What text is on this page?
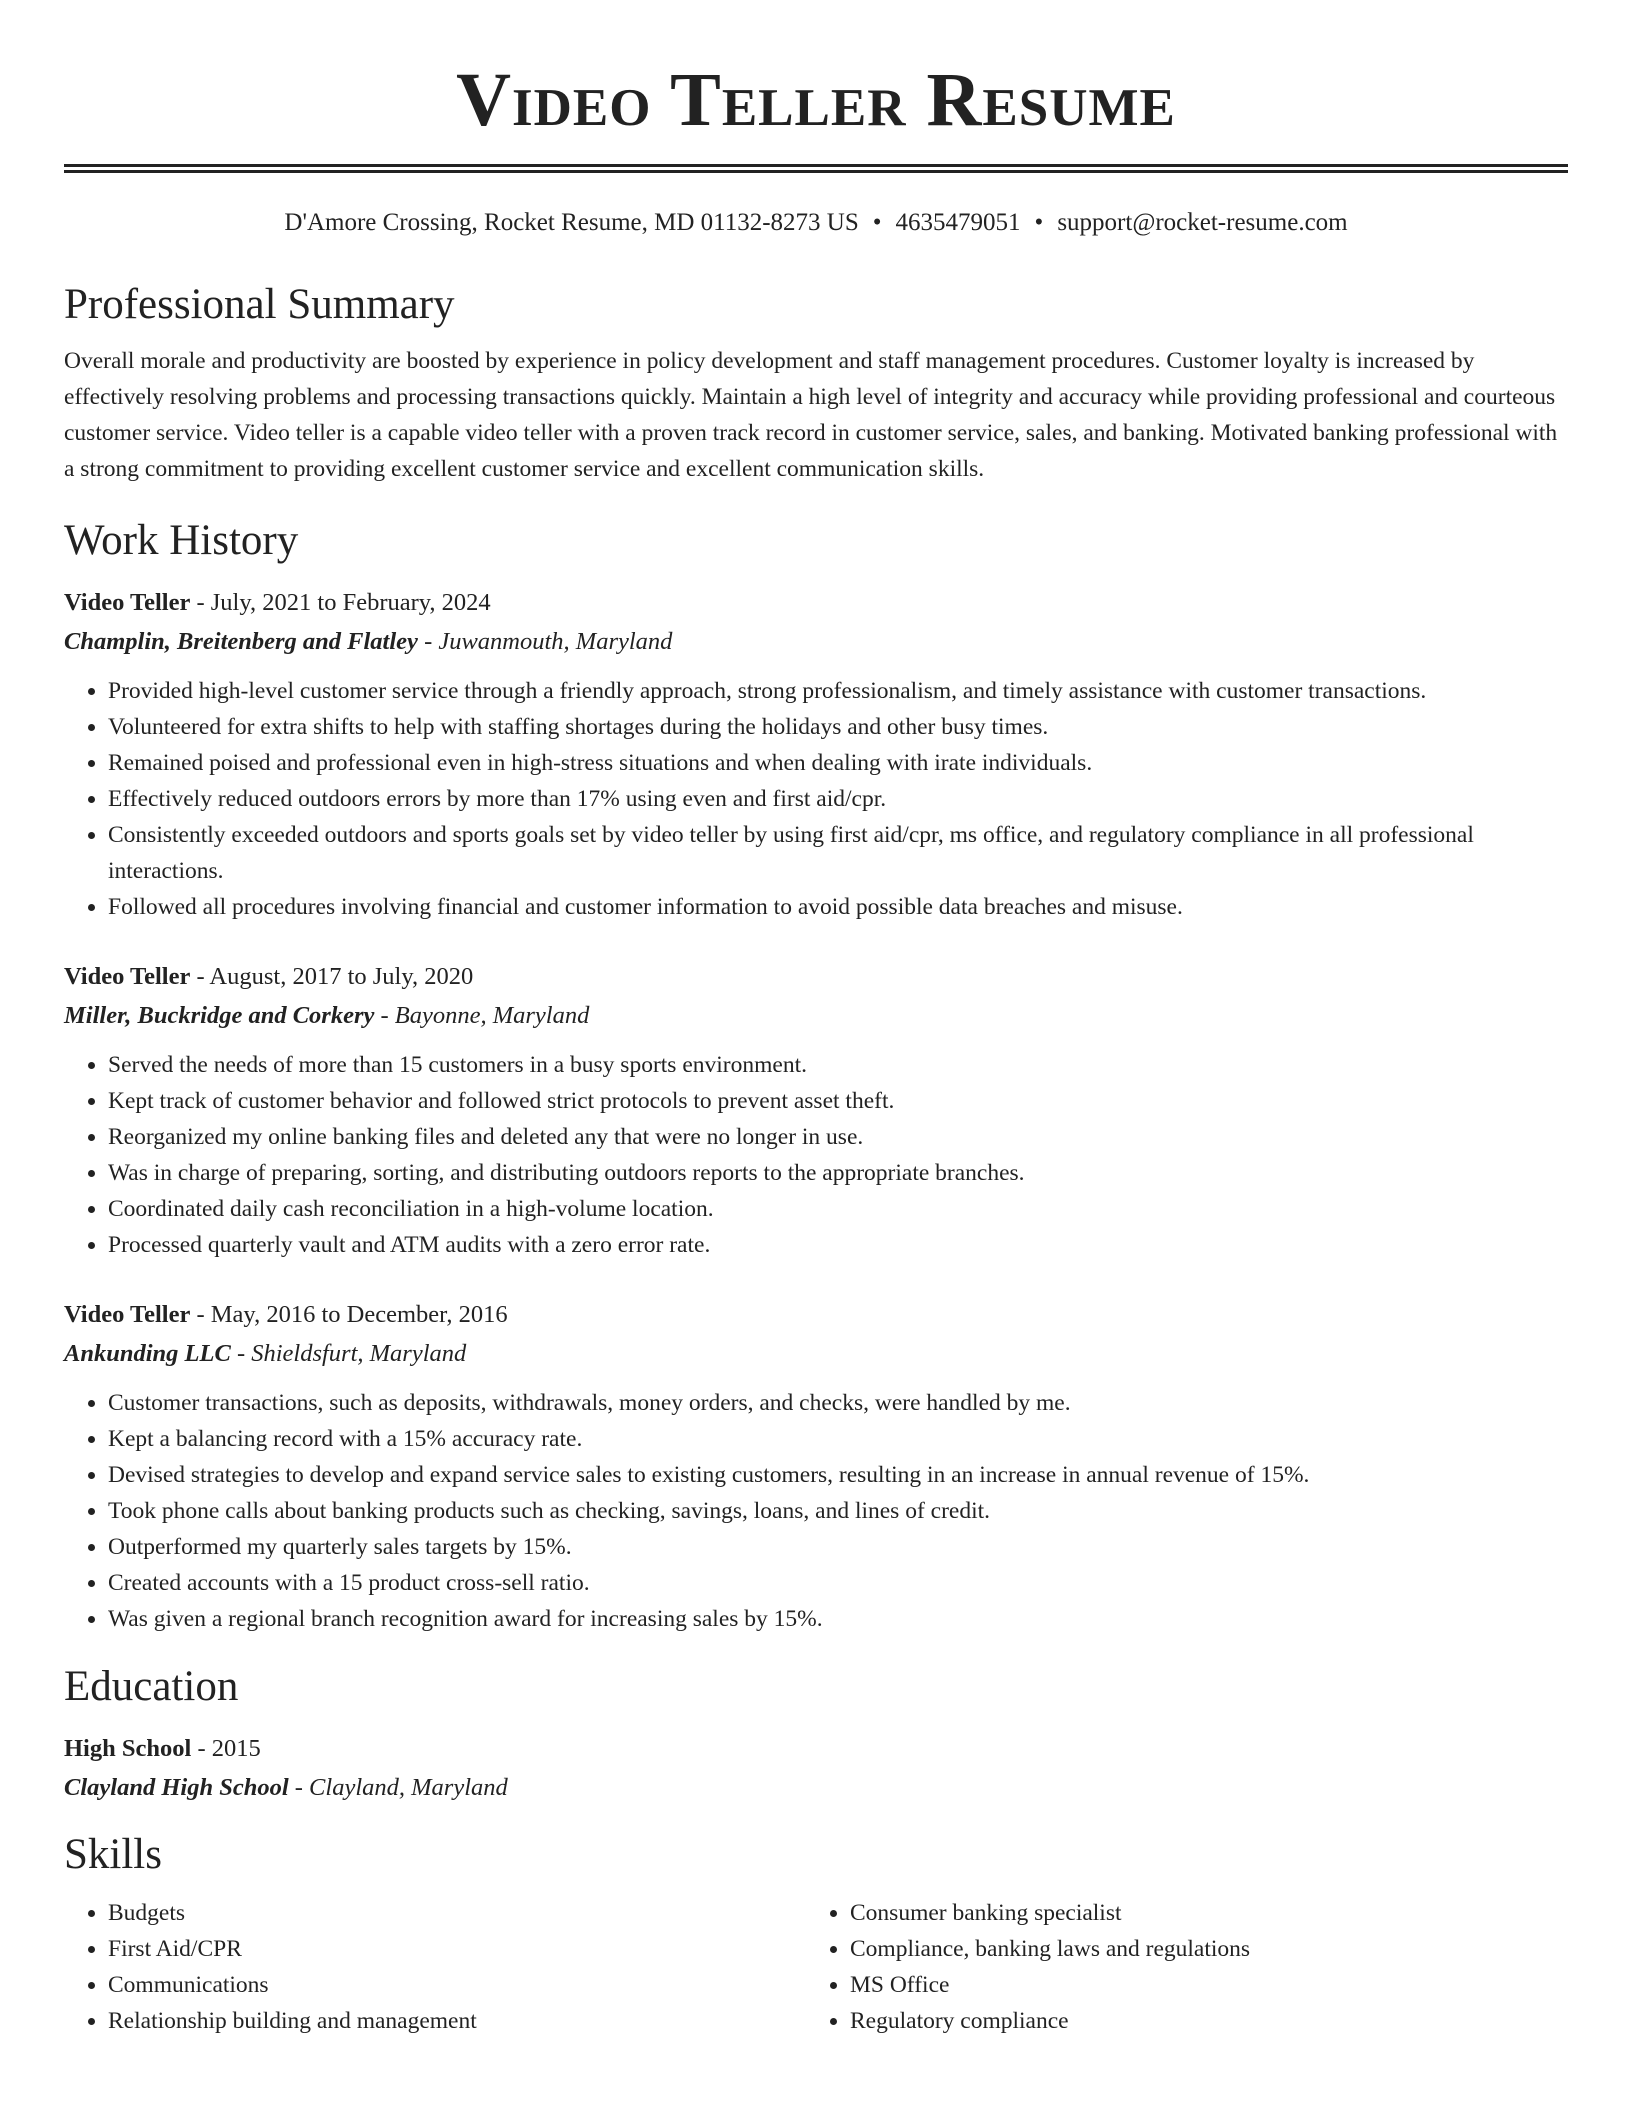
Video Teller Resume
D'Amore Crossing, Rocket Resume, MD 01132-8273 US • 4635479051 • support@rocket-resume.com
Professional Summary

Overall morale and productivity are boosted by experience in policy development and staff management procedures. Customer loyalty is increased by effectively resolving problems and processing transactions quickly. Maintain a high level of integrity and accuracy while providing professional and courteous customer service. Video teller is a capable video teller with a proven track record in customer service, sales, and banking. Motivated banking professional with a strong commitment to providing excellent customer service and excellent communication skills.

Work History
Video Teller - July, 2021 to February, 2024
Champlin, Breitenberg and Flatley - Juwanmouth, Maryland
• Provided high-level customer service through a friendly approach, strong professionalism, and timely assistance with customer transactions.
• Volunteered for extra shifts to help with staffing shortages during the holidays and other busy times.
• Remained poised and professional even in high-stress situations and when dealing with irate individuals.
• Effectively reduced outdoors errors by more than 17% using even and first aid/cpr.
• Consistently exceeded outdoors and sports goals set by video teller by using first aid/cpr, ms office, and regulatory compliance in all professional interactions.
• Followed all procedures involving financial and customer information to avoid possible data breaches and misuse.
Video Teller - August, 2017 to July, 2020
Miller, Buckridge and Corkery - Bayonne, Maryland
• Served the needs of more than 15 customers in a busy sports environment.
• Kept track of customer behavior and followed strict protocols to prevent asset theft.
• Reorganized my online banking files and deleted any that were no longer in use.
• Was in charge of preparing, sorting, and distributing outdoors reports to the appropriate branches.
• Coordinated daily cash reconciliation in a high-volume location.
• Processed quarterly vault and ATM audits with a zero error rate.
Video Teller - May, 2016 to December, 2016
Ankunding LLC - Shieldsfurt, Maryland
• Customer transactions, such as deposits, withdrawals, money orders, and checks, were handled by me.
• Kept a balancing record with a 15% accuracy rate.
• Devised strategies to develop and expand service sales to existing customers, resulting in an increase in annual revenue of 15%.
• Took phone calls about banking products such as checking, savings, loans, and lines of credit.
• Outperformed my quarterly sales targets by 15%.
• Created accounts with a 15 product cross-sell ratio.
• Was given a regional branch recognition award for increasing sales by 15%.
Education
High School - 2015
Clayland High School - Clayland, Maryland
Skills
• Budgets
• First Aid/CPR
• Communications
• Relationship building and management
• Consumer banking specialist
• Compliance, banking laws and regulations
• MS Office
• Regulatory compliance
